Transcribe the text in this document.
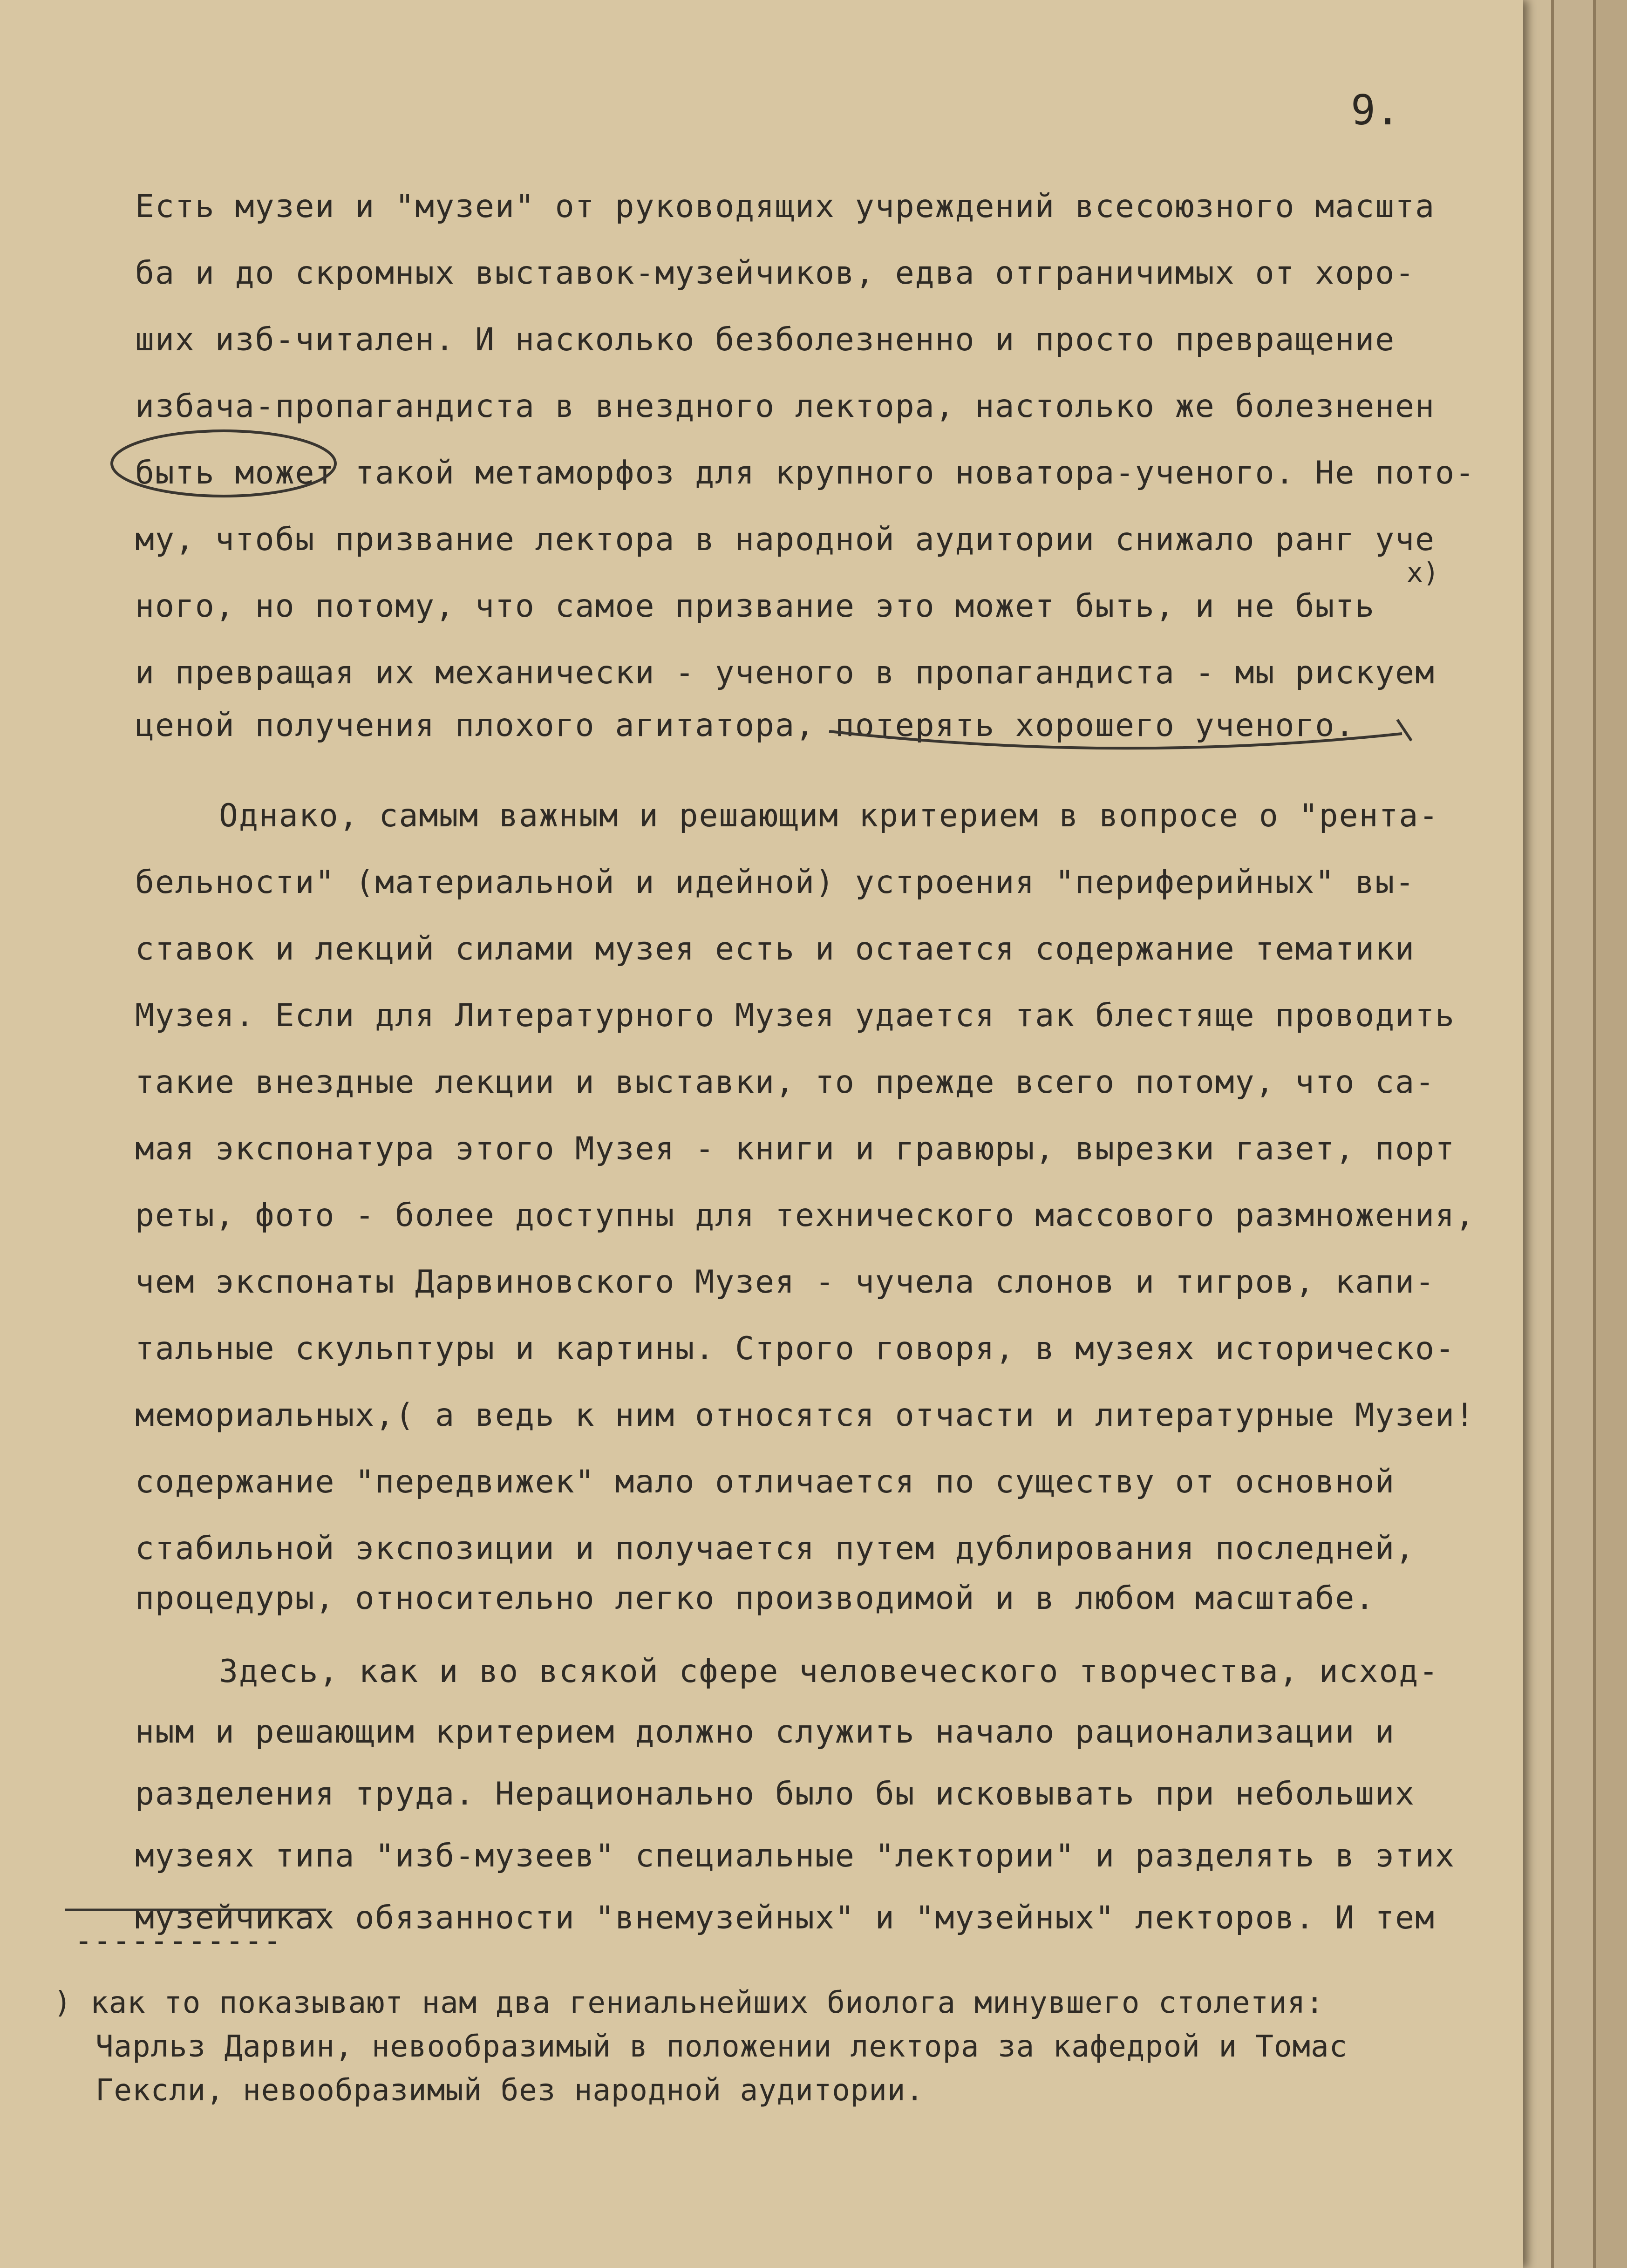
9.
Есть музеи и "музеи" от руководящих учреждений всесоюзного масшта
ба и до скромных выставок-музейчиков, едва отграничимых от хоро-
ших изб-читален. И насколько безболезненно и просто превращение
избача-пропагандиста в внездного лектора, настолько же болезненен
быть может такой метаморфоз для крупного новатора-ученого. Не пото-
му, чтобы призвание лектора в народной аудитории снижало ранг уче
ного, но потому, что самое призвание это может быть, и не быть
и превращая их механически - ученого в пропагандиста - мы рискуем
ценой получения плохого агитатора, потерять хорошего ученого.
Однако, самым важным и решающим критерием в вопросе о "рента-
бельности" (материальной и идейной) устроения "периферийных" вы-
ставок и лекций силами музея есть и остается содержание тематики
Музея. Если для Литературного Музея удается так блестяще проводить
такие внездные лекции и выставки, то прежде всего потому, что са-
мая экспонатура этого Музея - книги и гравюры, вырезки газет, порт
реты, фото - более доступны для технического массового размножения,
чем экспонаты Дарвиновского Музея - чучела слонов и тигров, капи-
тальные скульптуры и картины. Строго говоря, в музеях историческо-
мемориальных,( а ведь к ним относятся отчасти и литературные Музеи!
содержание "передвижек" мало отличается по существу от основной
стабильной экспозиции и получается путем дублирования последней,
процедуры, относительно легко производимой и в любом масштабе.
Здесь, как и во всякой сфере человеческого творчества, исход-
ным и решающим критерием должно служить начало рационализации и
разделения труда. Нерационально было бы исковывать при небольших
музеях типа "изб-музеев" специальные "лектории" и разделять в этих
музейчиках обязанности "внемузейных" и "музейных" лекторов. И тем
x)
-----------
) как то показывают нам два гениальнейших биолога минувшего столетия:
Чарльз Дарвин, невообразимый в положении лектора за кафедрой и Томас
Гексли, невообразимый без народной аудитории.
